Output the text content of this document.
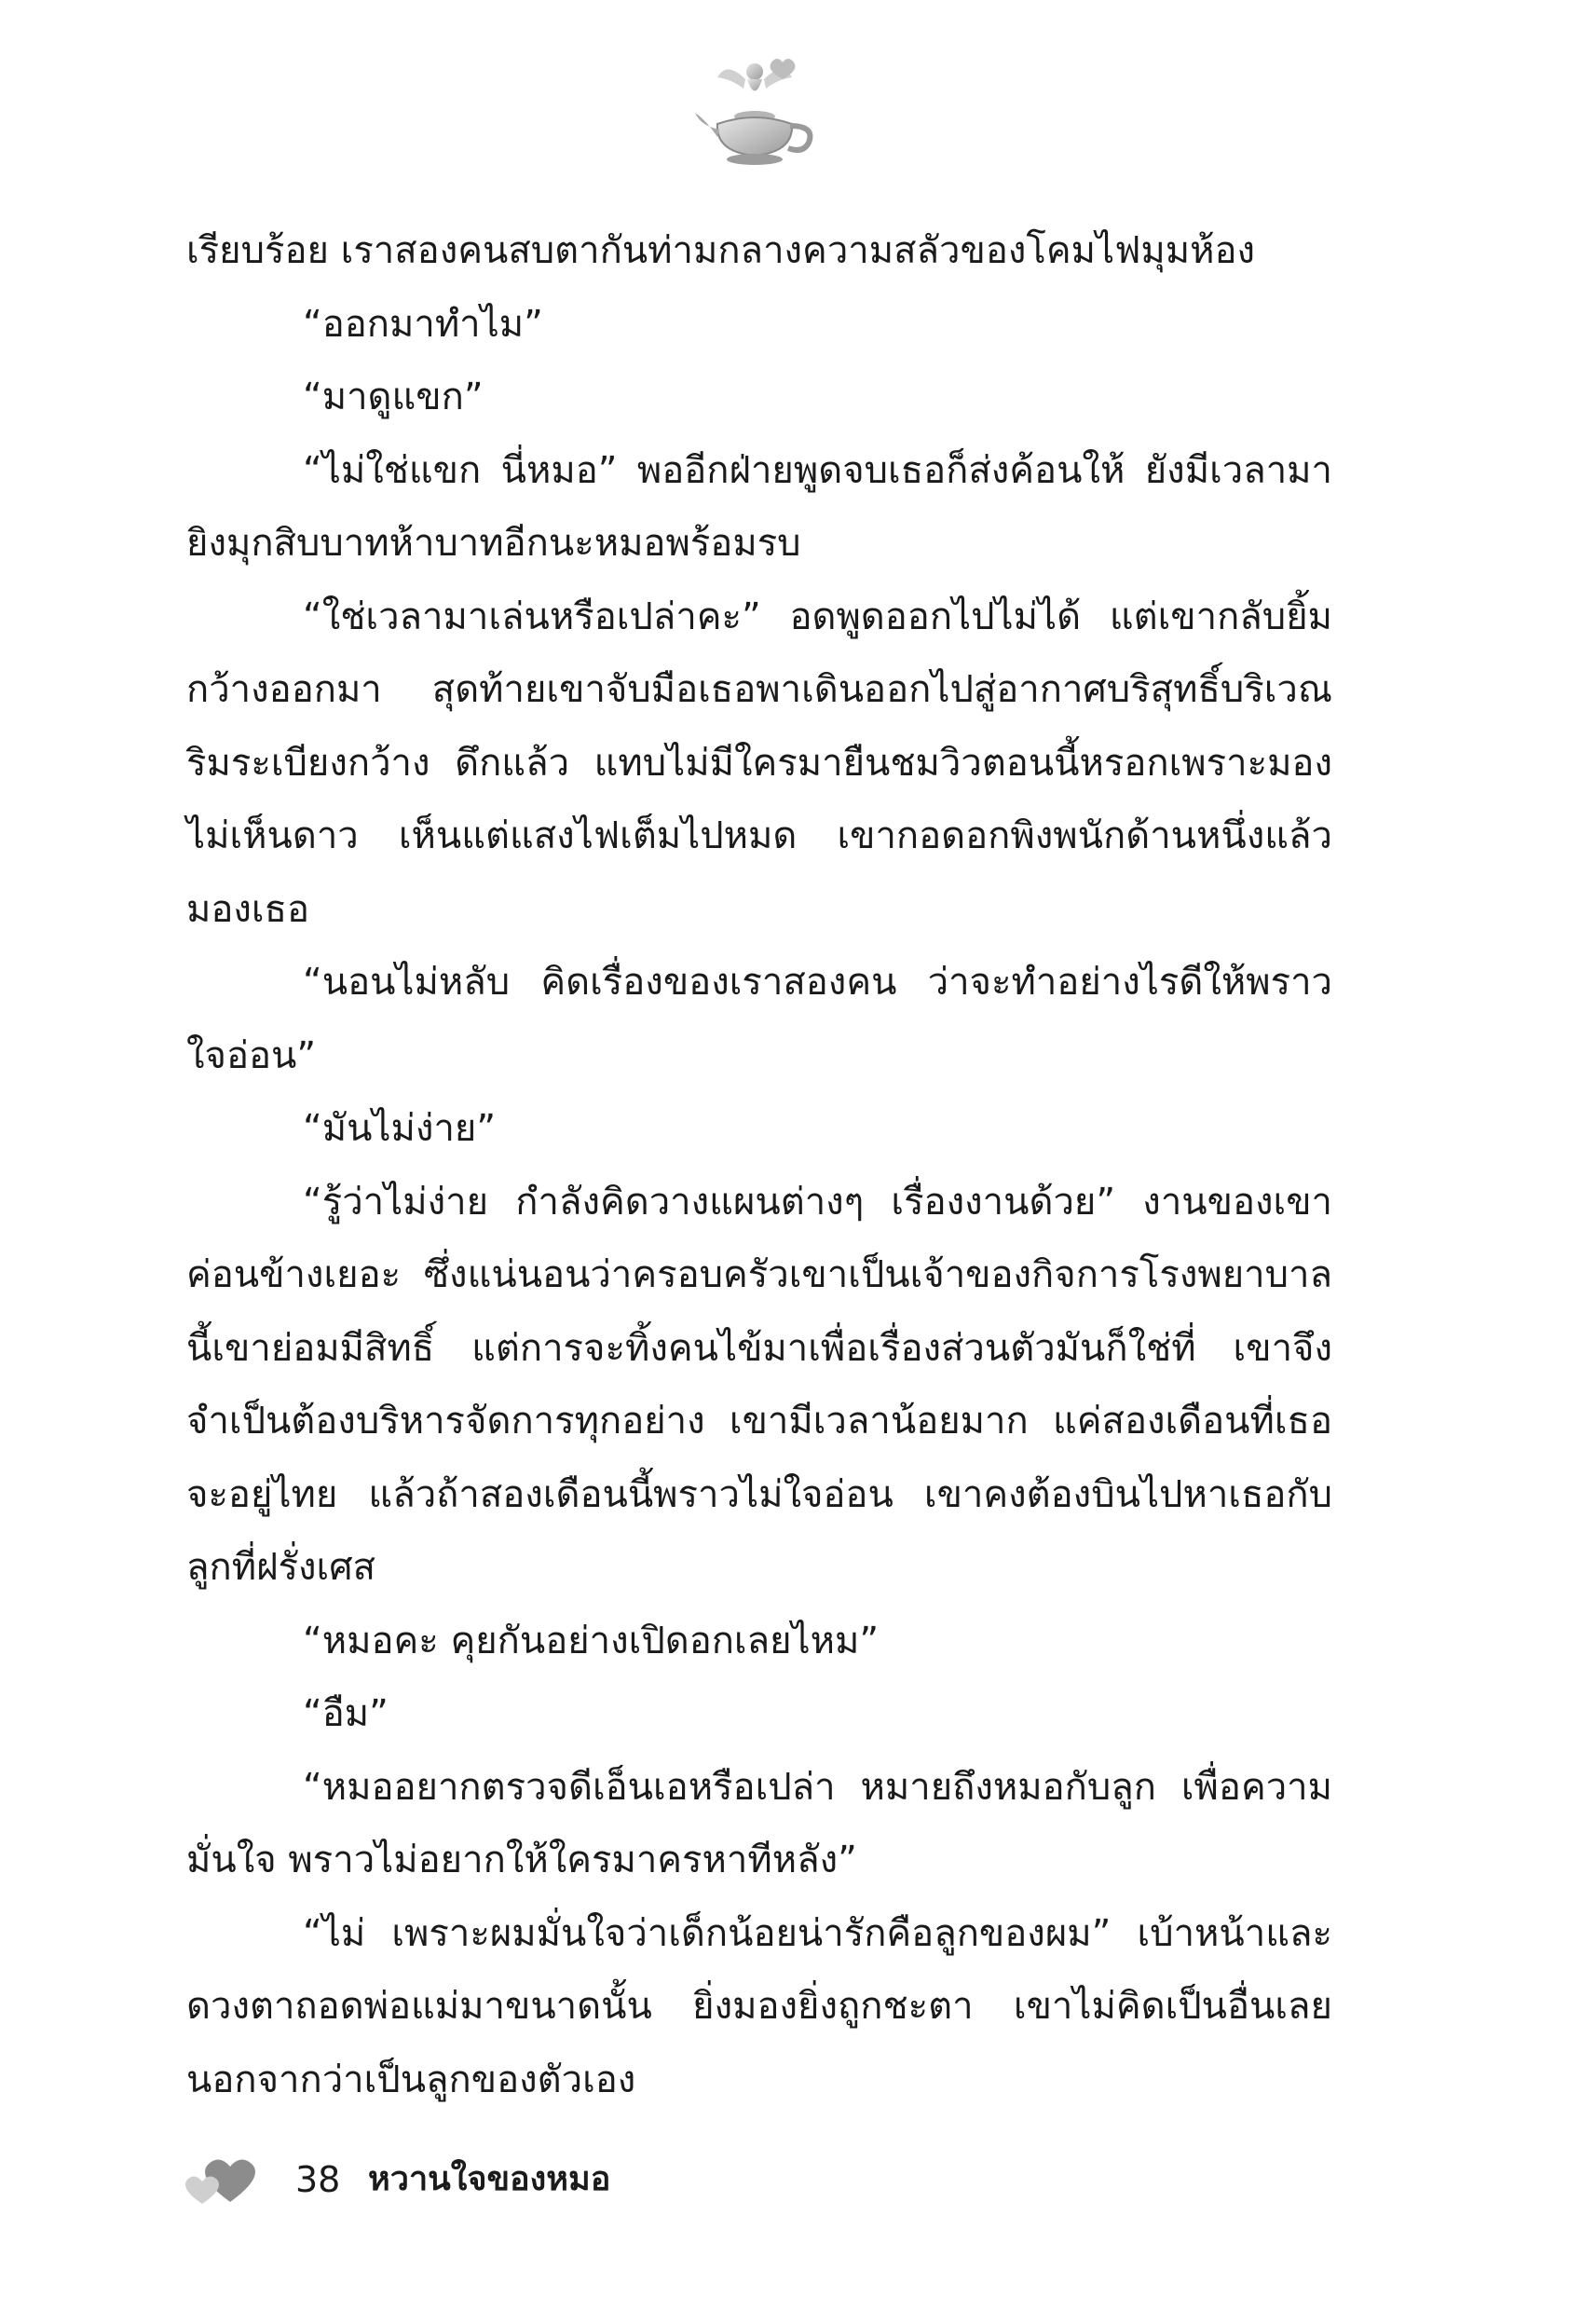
เรียบร้อย เราสองคนสบตากันท่ามกลางความสลัวของโคมไฟมุมห้อง

“ออกมาทำไม”

“มาดูแขก”

“ไม่ใช่แขก นี่หมอ” พออีกฝ่ายพูดจบเธอก็ส่งค้อนให้ ยังมีเวลามายิงมุกสิบบาทห้าบาทอีกนะหมอพร้อมรบ

“ใช่เวลามาเล่นหรือเปล่าคะ” อดพูดออกไปไม่ได้ แต่เขากลับยิ้มกว้างออกมา สุดท้ายเขาจับมือเธอพาเดินออกไปสู่อากาศบริสุทธิ์บริเวณริมระเบียงกว้าง ดึกแล้ว แทบไม่มีใครมายืนชมวิวตอนนี้หรอกเพราะมองไม่เห็นดาว เห็นแต่แสงไฟเต็มไปหมด เขากอดอกพิงพนักด้านหนึ่งแล้วมองเธอ

“นอนไม่หลับ คิดเรื่องของเราสองคน ว่าจะทำอย่างไรดีให้พราวใจอ่อน”

“มันไม่ง่าย”

“รู้ว่าไม่ง่าย กำลังคิดวางแผนต่างๆ เรื่องงานด้วย” งานของเขาค่อนข้างเยอะ ซึ่งแน่นอนว่าครอบครัวเขาเป็นเจ้าของกิจการโรงพยาบาลนี้เขาย่อมมีสิทธิ์ แต่การจะทิ้งคนไข้มาเพื่อเรื่องส่วนตัวมันก็ใช่ที่ เขาจึงจำเป็นต้องบริหารจัดการทุกอย่าง เขามีเวลาน้อยมาก แค่สองเดือนที่เธอจะอยู่ไทย แล้วถ้าสองเดือนนี้พราวไม่ใจอ่อน เขาคงต้องบินไปหาเธอกับลูกที่ฝรั่งเศส

“หมอคะ คุยกันอย่างเปิดอกเลยไหม”

“อืม”

“หมออยากตรวจดีเอ็นเอหรือเปล่า หมายถึงหมอกับลูก เพื่อความมั่นใจ พราวไม่อยากให้ใครมาครหาทีหลัง”

“ไม่ เพราะผมมั่นใจว่าเด็กน้อยน่ารักคือลูกของผม” เบ้าหน้าและดวงตาถอดพ่อแม่มาขนาดนั้น ยิ่งมองยิ่งถูกชะตา เขาไม่คิดเป็นอื่นเลย นอกจากว่าเป็นลูกของตัวเอง

38 หวานใจของหมอ
